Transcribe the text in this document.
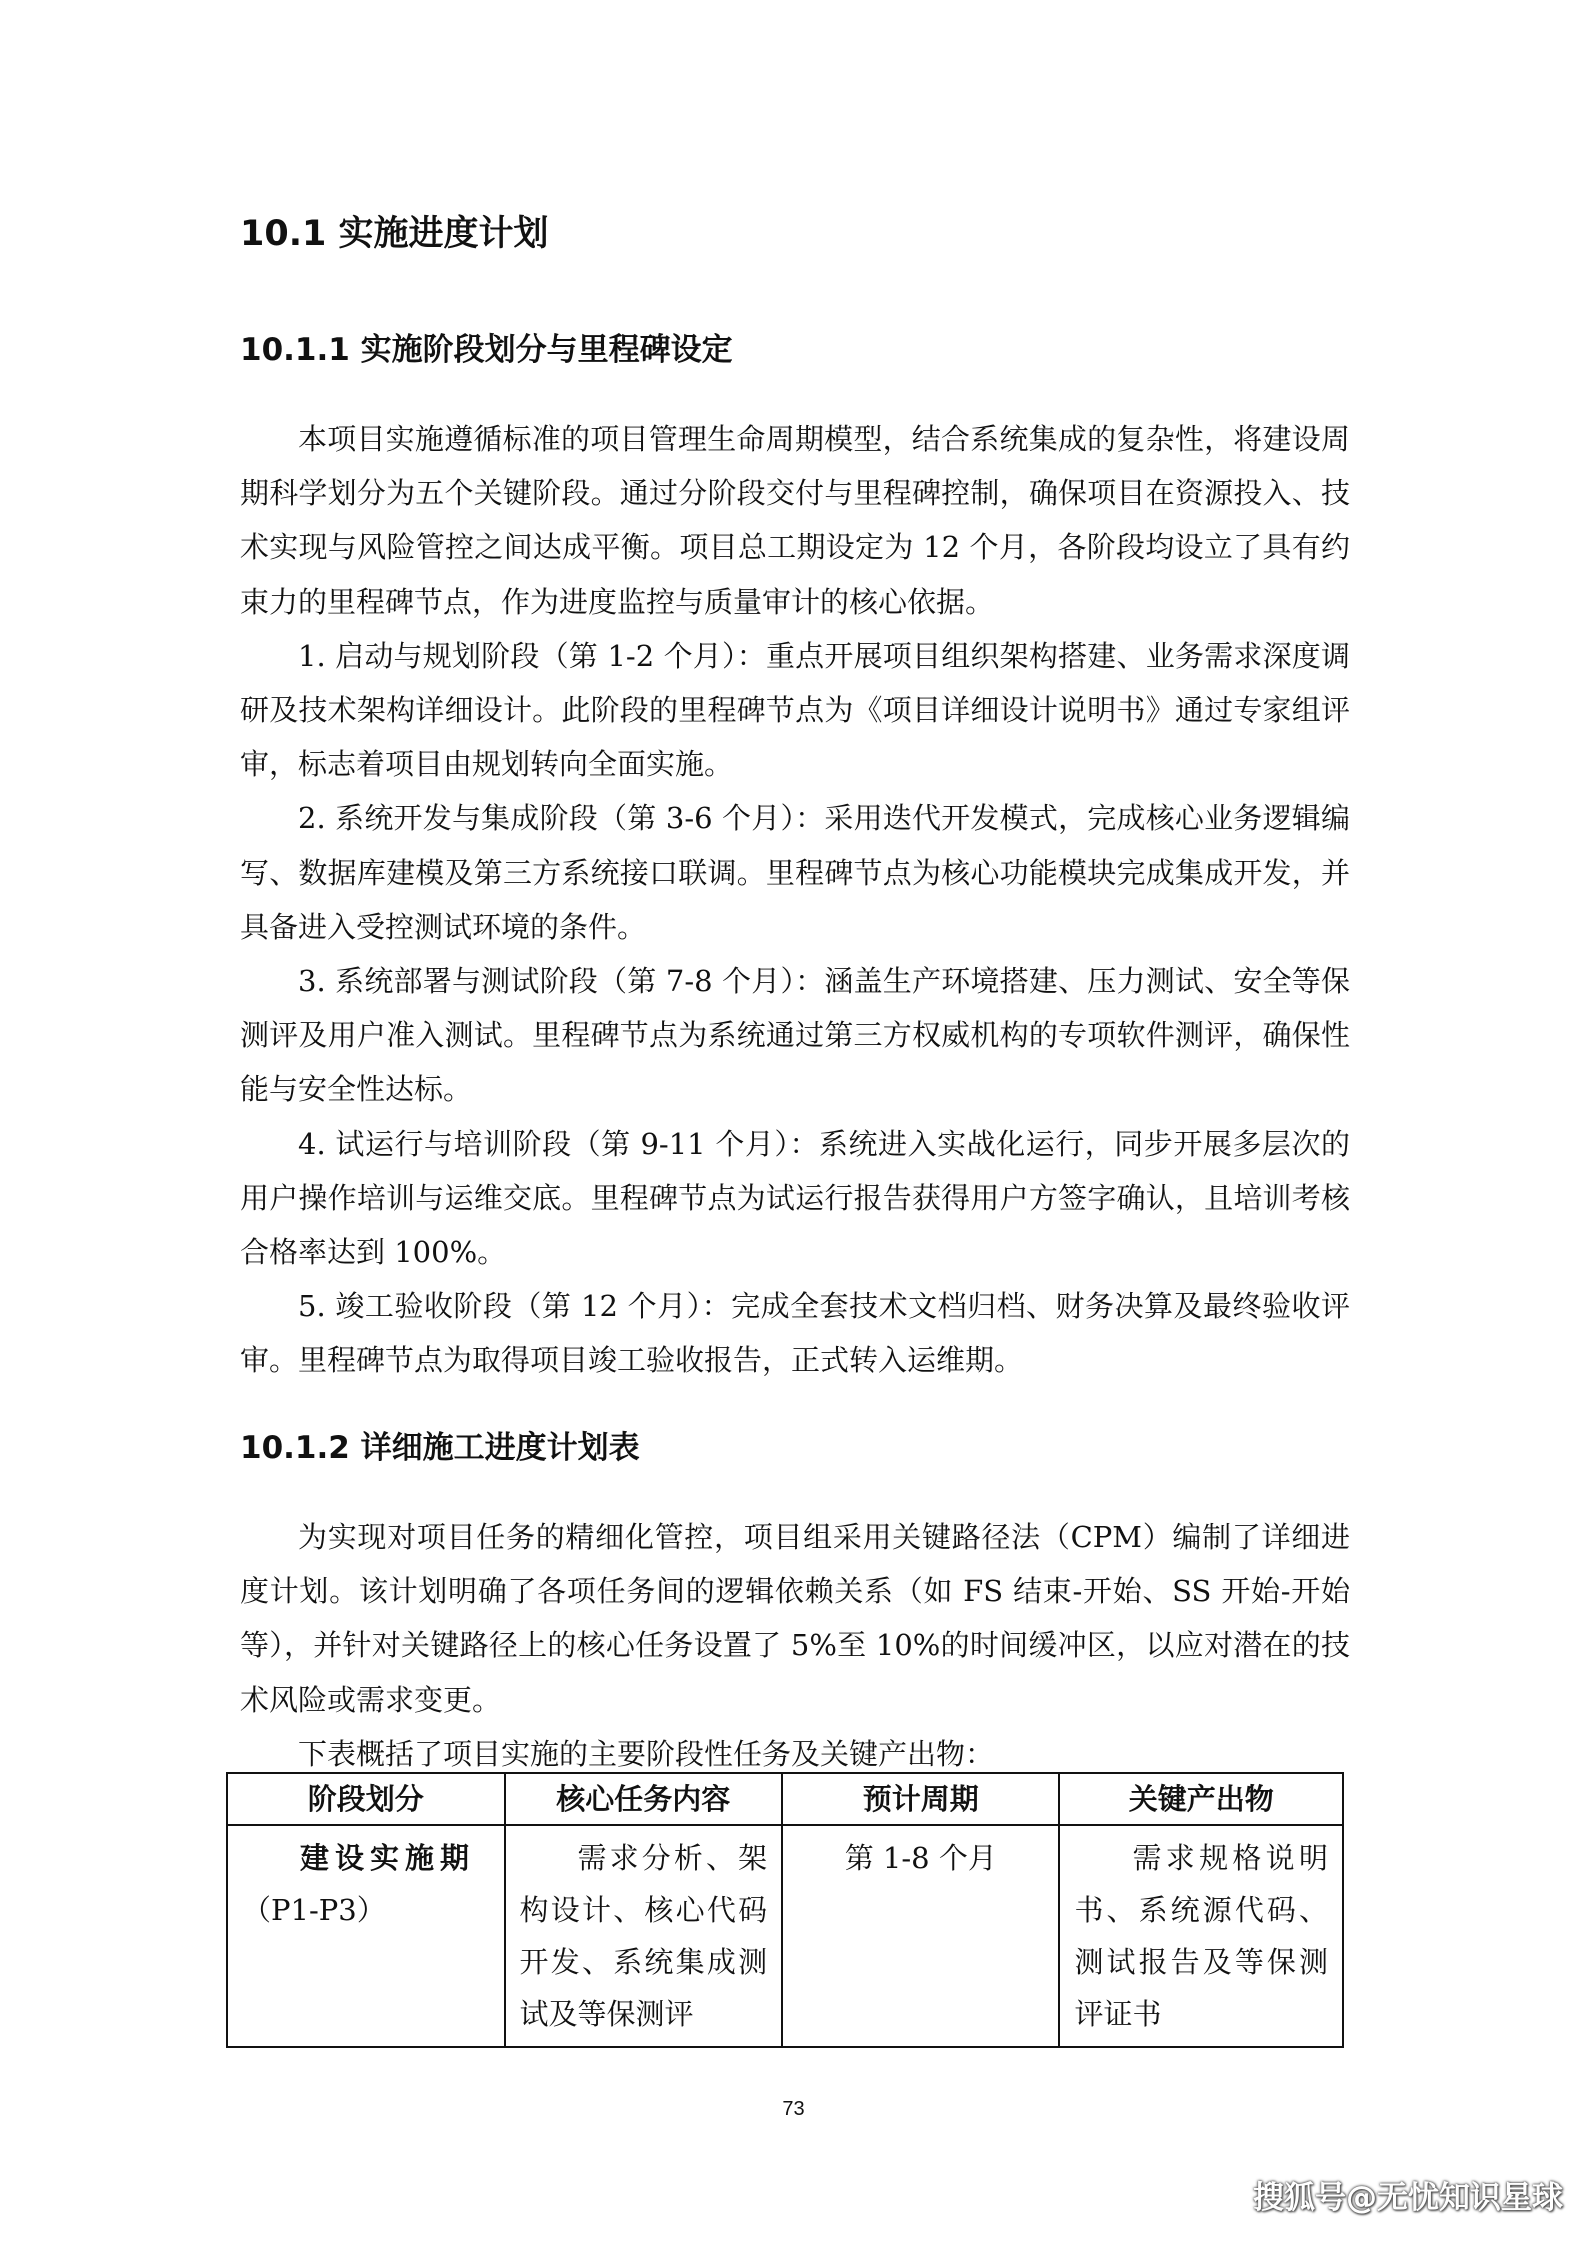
10.1 实施进度计划
10.1.1 实施阶段划分与里程碑设定

本项目实施遵循标准的项目管理生命周期模型，结合系统集成的复杂性，将建设周期科学划分为五个关键阶段。通过分阶段交付与里程碑控制，确保项目在资源投入、技术实现与风险管控之间达成平衡。项目总工期设定为 12 个月，各阶段均设立了具有约束力的里程碑节点，作为进度监控与质量审计的核心依据。

1. 启动与规划阶段（第 1-2 个月）：重点开展项目组织架构搭建、业务需求深度调研及技术架构详细设计。此阶段的里程碑节点为《项目详细设计说明书》通过专家组评审，标志着项目由规划转向全面实施。

2. 系统开发与集成阶段（第 3-6 个月）：采用迭代开发模式，完成核心业务逻辑编写、数据库建模及第三方系统接口联调。里程碑节点为核心功能模块完成集成开发，并具备进入受控测试环境的条件。

3. 系统部署与测试阶段（第 7-8 个月）：涵盖生产环境搭建、压力测试、安全等保测评及用户准入测试。里程碑节点为系统通过第三方权威机构的专项软件测评，确保性能与安全性达标。

4. 试运行与培训阶段（第 9-11 个月）：系统进入实战化运行，同步开展多层次的用户操作培训与运维交底。里程碑节点为试运行报告获得用户方签字确认，且培训考核合格率达到 100%。

5. 竣工验收阶段（第 12 个月）：完成全套技术文档归档、财务决算及最终验收评审。里程碑节点为取得项目竣工验收报告，正式转入运维期。

10.1.2 详细施工进度计划表

为实现对项目任务的精细化管控，项目组采用关键路径法（CPM）编制了详细进度计划。该计划明确了各项任务间的逻辑依赖关系（如 FS 结束-开始、SS 开始-开始等），并针对关键路径上的核心任务设置了 5%至 10%的时间缓冲区，以应对潜在的技术风险或需求变更。

下表概括了项目实施的主要阶段性任务及关键产出物：

阶段划分	核心任务内容	预计周期	关键产出物

建设实施期
（P1-P3）	需求分析、架构设计、核心代码开发、系统集成测试及等保测评	第 1-8 个月	需求规格说明书、系统源代码、测试报告及等保测评证书
73
搜狐号@无忧知识星球
